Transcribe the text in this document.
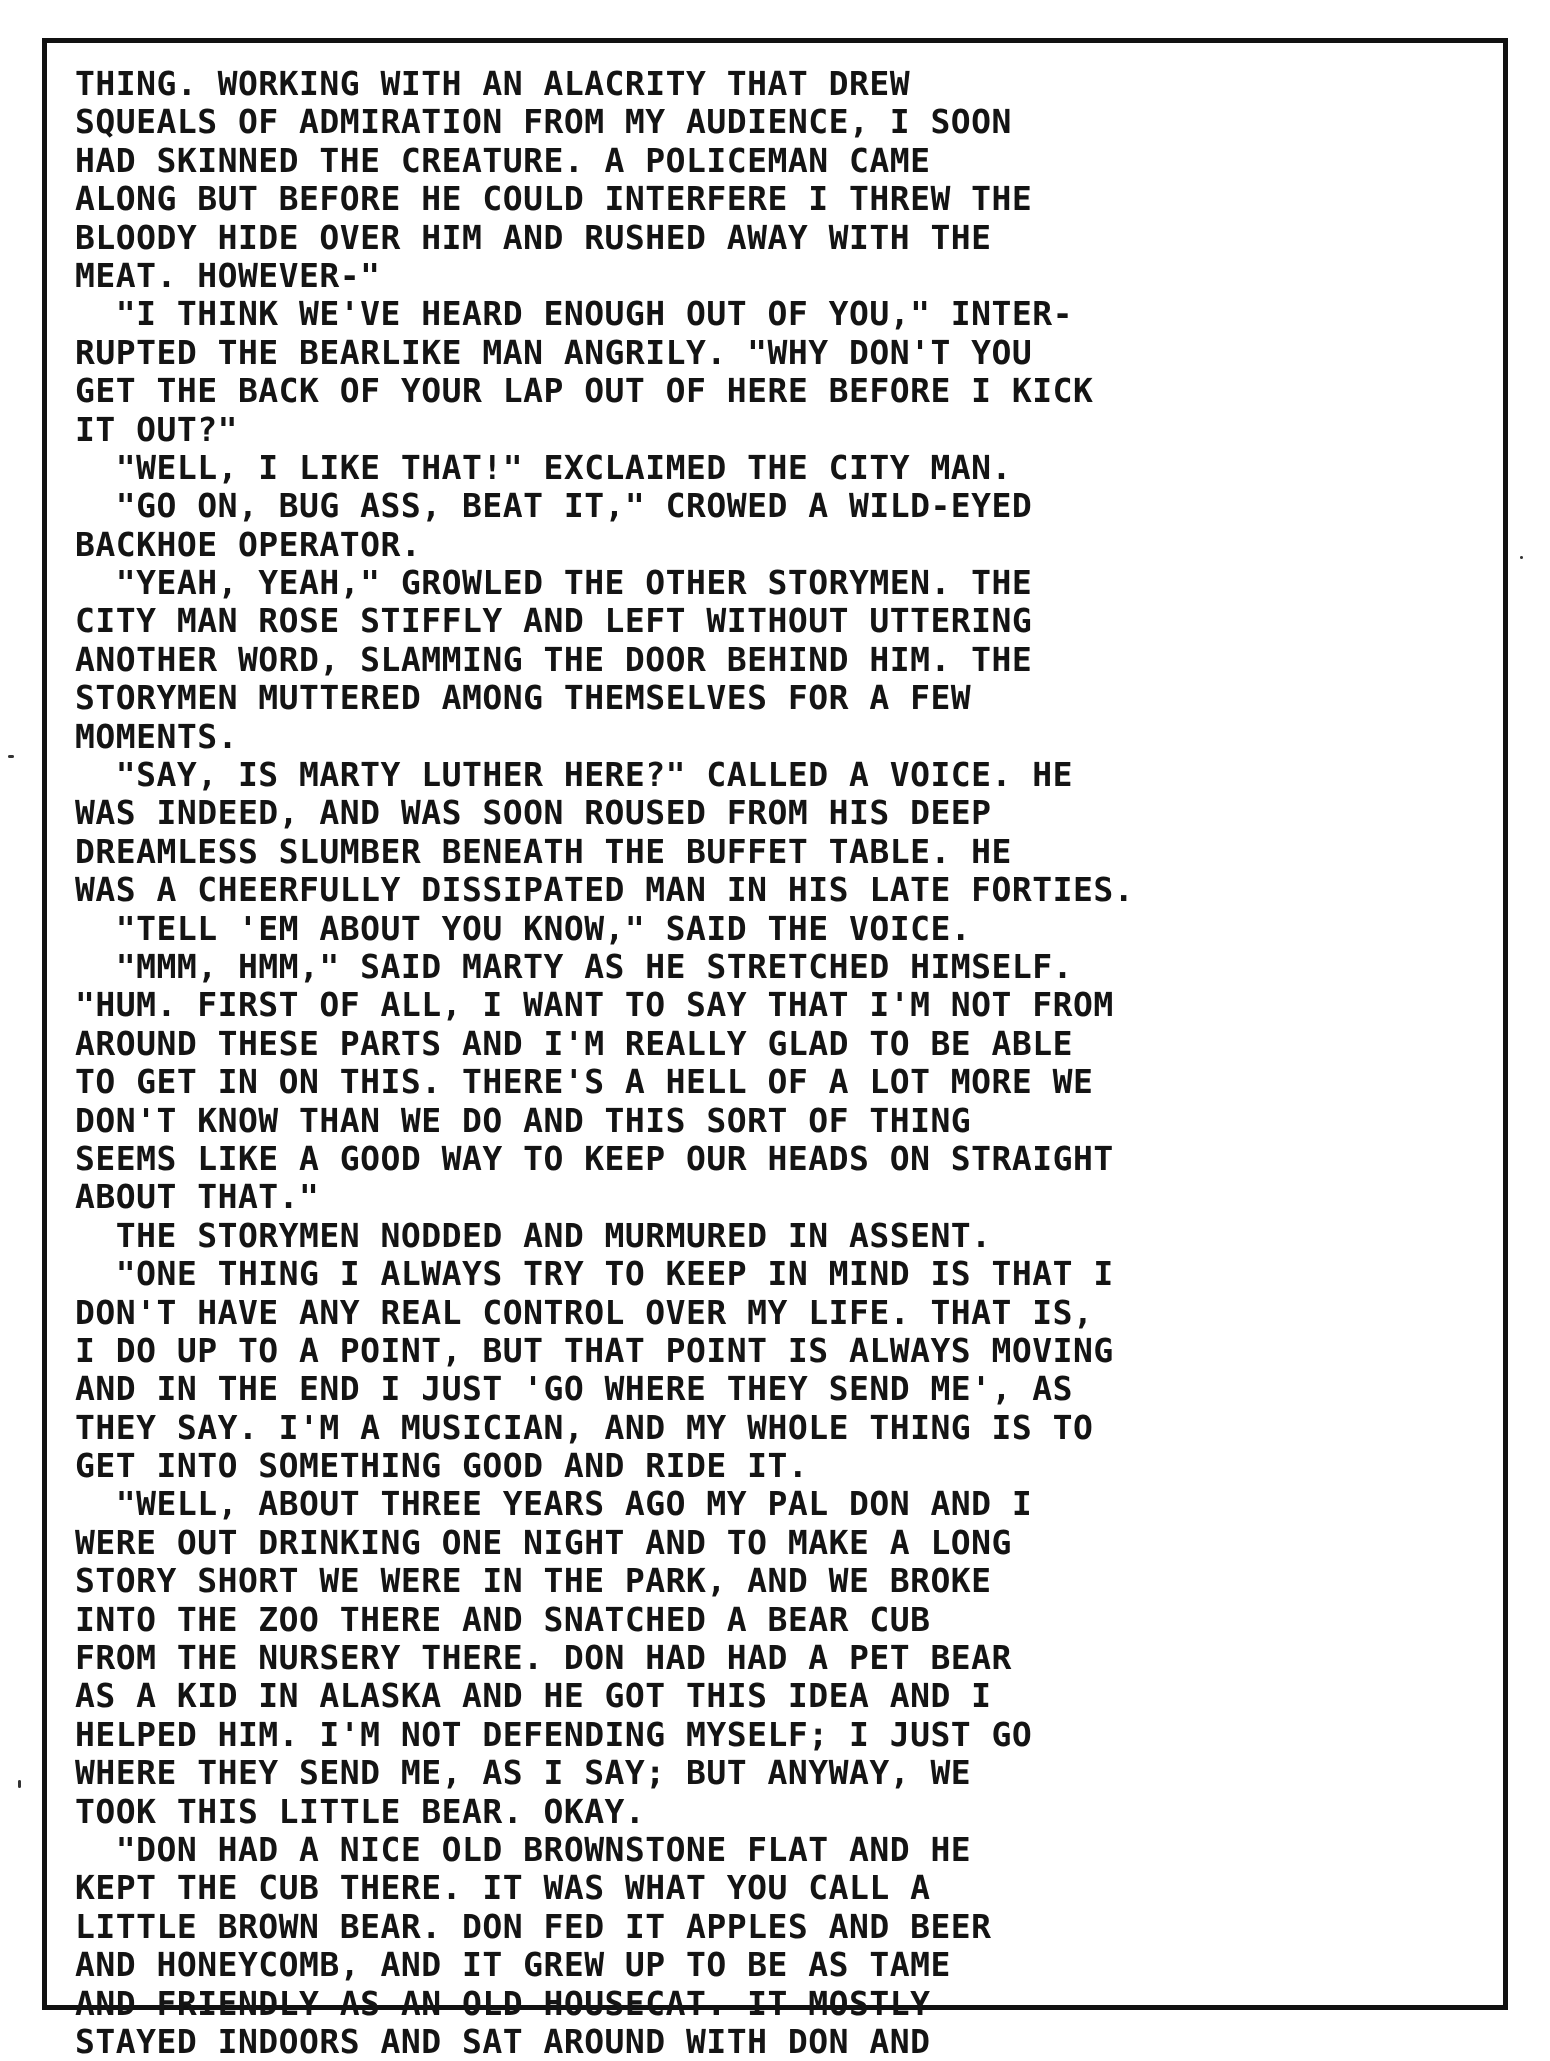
THING. WORKING WITH AN ALACRITY THAT DREW
SQUEALS OF ADMIRATION FROM MY AUDIENCE, I SOON
HAD SKINNED THE CREATURE. A POLICEMAN CAME
ALONG BUT BEFORE HE COULD INTERFERE I THREW THE
BLOODY HIDE OVER HIM AND RUSHED AWAY WITH THE
MEAT. HOWEVER-"
"I THINK WE'VE HEARD ENOUGH OUT OF YOU," INTER-
RUPTED THE BEARLIKE MAN ANGRILY. "WHY DON'T YOU
GET THE BACK OF YOUR LAP OUT OF HERE BEFORE I KICK
IT OUT?"
"WELL, I LIKE THAT!" EXCLAIMED THE CITY MAN.
"GO ON, BUG ASS, BEAT IT," CROWED A WILD-EYED
BACKHOE OPERATOR.
"YEAH, YEAH," GROWLED THE OTHER STORYMEN. THE
CITY MAN ROSE STIFFLY AND LEFT WITHOUT UTTERING
ANOTHER WORD, SLAMMING THE DOOR BEHIND HIM. THE
STORYMEN MUTTERED AMONG THEMSELVES FOR A FEW
MOMENTS.
"SAY, IS MARTY LUTHER HERE?" CALLED A VOICE. HE
WAS INDEED, AND WAS SOON ROUSED FROM HIS DEEP
DREAMLESS SLUMBER BENEATH THE BUFFET TABLE. HE
WAS A CHEERFULLY DISSIPATED MAN IN HIS LATE FORTIES.
"TELL 'EM ABOUT YOU KNOW," SAID THE VOICE.
"MMM, HMM," SAID MARTY AS HE STRETCHED HIMSELF.
"HUM. FIRST OF ALL, I WANT TO SAY THAT I'M NOT FROM
AROUND THESE PARTS AND I'M REALLY GLAD TO BE ABLE
TO GET IN ON THIS. THERE'S A HELL OF A LOT MORE WE
DON'T KNOW THAN WE DO AND THIS SORT OF THING
SEEMS LIKE A GOOD WAY TO KEEP OUR HEADS ON STRAIGHT
ABOUT THAT."
THE STORYMEN NODDED AND MURMURED IN ASSENT.
"ONE THING I ALWAYS TRY TO KEEP IN MIND IS THAT I
DON'T HAVE ANY REAL CONTROL OVER MY LIFE. THAT IS,
I DO UP TO A POINT, BUT THAT POINT IS ALWAYS MOVING
AND IN THE END I JUST 'GO WHERE THEY SEND ME', AS
THEY SAY. I'M A MUSICIAN, AND MY WHOLE THING IS TO
GET INTO SOMETHING GOOD AND RIDE IT.
"WELL, ABOUT THREE YEARS AGO MY PAL DON AND I
WERE OUT DRINKING ONE NIGHT AND TO MAKE A LONG
STORY SHORT WE WERE IN THE PARK, AND WE BROKE
INTO THE ZOO THERE AND SNATCHED A BEAR CUB
FROM THE NURSERY THERE. DON HAD HAD A PET BEAR
AS A KID IN ALASKA AND HE GOT THIS IDEA AND I
HELPED HIM. I'M NOT DEFENDING MYSELF; I JUST GO
WHERE THEY SEND ME, AS I SAY; BUT ANYWAY, WE
TOOK THIS LITTLE BEAR. OKAY.
"DON HAD A NICE OLD BROWNSTONE FLAT AND HE
KEPT THE CUB THERE. IT WAS WHAT YOU CALL A
LITTLE BROWN BEAR. DON FED IT APPLES AND BEER
AND HONEYCOMB, AND IT GREW UP TO BE AS TAME
AND FRIENDLY AS AN OLD HOUSECAT. IT MOSTLY
STAYED INDOORS AND SAT AROUND WITH DON AND
